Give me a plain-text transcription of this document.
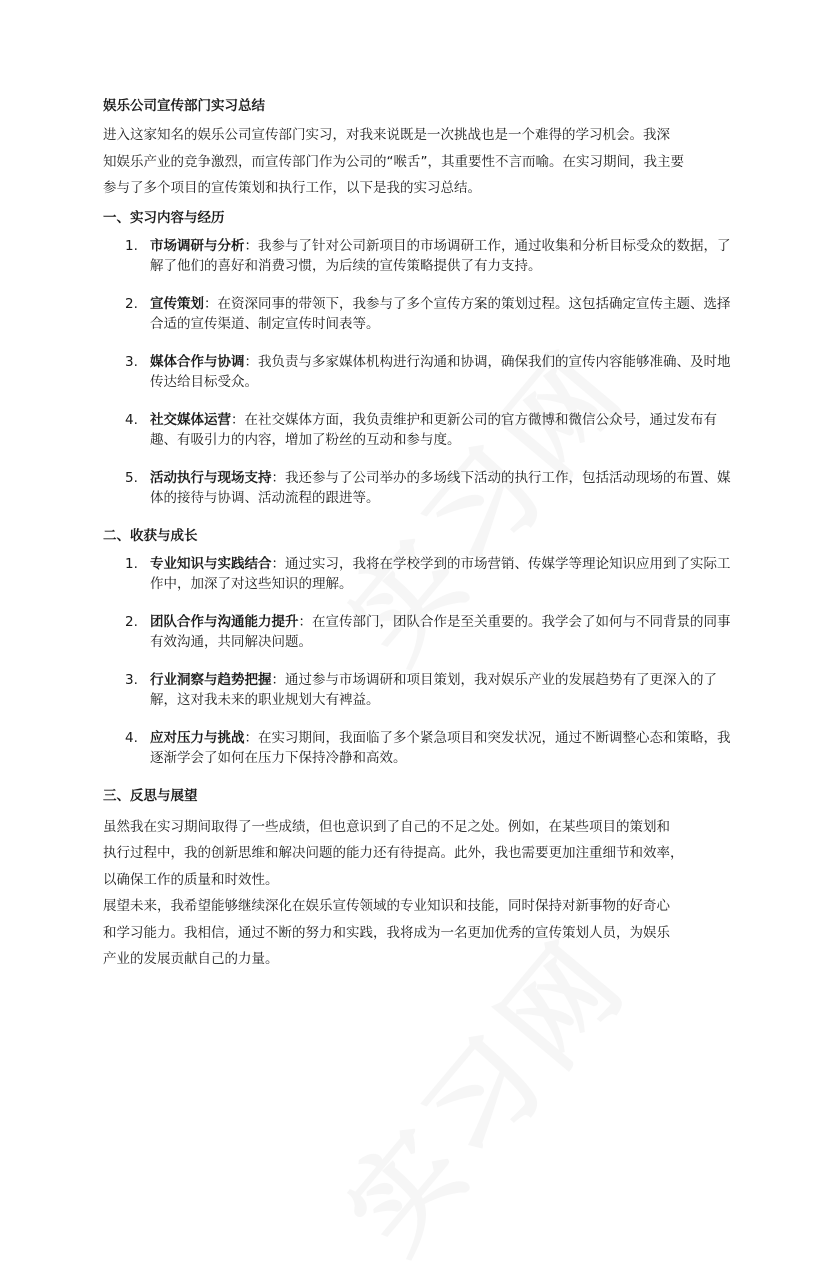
娱乐公司宣传部门实习总结
进入这家知名的娱乐公司宣传部门实习，对我来说既是一次挑战也是一个难得的学习机会。我深
知娱乐产业的竞争激烈，而宣传部门作为公司的“喉舌”，其重要性不言而喻。在实习期间，我主要
参与了多个项目的宣传策划和执行工作，以下是我的实习总结。
一、实习内容与经历
1. 市场调研与分析：我参与了针对公司新项目的市场调研工作，通过收集和分析目标受众的数据，了解了他们的喜好和消费习惯，为后续的宣传策略提供了有力支持。
2. 宣传策划：在资深同事的带领下，我参与了多个宣传方案的策划过程。这包括确定宣传主题、选择合适的宣传渠道、制定宣传时间表等。
3. 媒体合作与协调：我负责与多家媒体机构进行沟通和协调，确保我们的宣传内容能够准确、及时地传达给目标受众。
4. 社交媒体运营：在社交媒体方面，我负责维护和更新公司的官方微博和微信公众号，通过发布有趣、有吸引力的内容，增加了粉丝的互动和参与度。
5. 活动执行与现场支持：我还参与了公司举办的多场线下活动的执行工作，包括活动现场的布置、媒体的接待与协调、活动流程的跟进等。
二、收获与成长
1. 专业知识与实践结合：通过实习，我将在学校学到的市场营销、传媒学等理论知识应用到了实际工作中，加深了对这些知识的理解。
2. 团队合作与沟通能力提升：在宣传部门，团队合作是至关重要的。我学会了如何与不同背景的同事有效沟通，共同解决问题。
3. 行业洞察与趋势把握：通过参与市场调研和项目策划，我对娱乐产业的发展趋势有了更深入的了解，这对我未来的职业规划大有裨益。
4. 应对压力与挑战：在实习期间，我面临了多个紧急项目和突发状况，通过不断调整心态和策略，我逐渐学会了如何在压力下保持冷静和高效。
三、反思与展望
虽然我在实习期间取得了一些成绩，但也意识到了自己的不足之处。例如，在某些项目的策划和
执行过程中，我的创新思维和解决问题的能力还有待提高。此外，我也需要更加注重细节和效率，
以确保工作的质量和时效性。
展望未来，我希望能够继续深化在娱乐宣传领域的专业知识和技能，同时保持对新事物的好奇心
和学习能力。我相信，通过不断的努力和实践，我将成为一名更加优秀的宣传策划人员，为娱乐
产业的发展贡献自己的力量。
